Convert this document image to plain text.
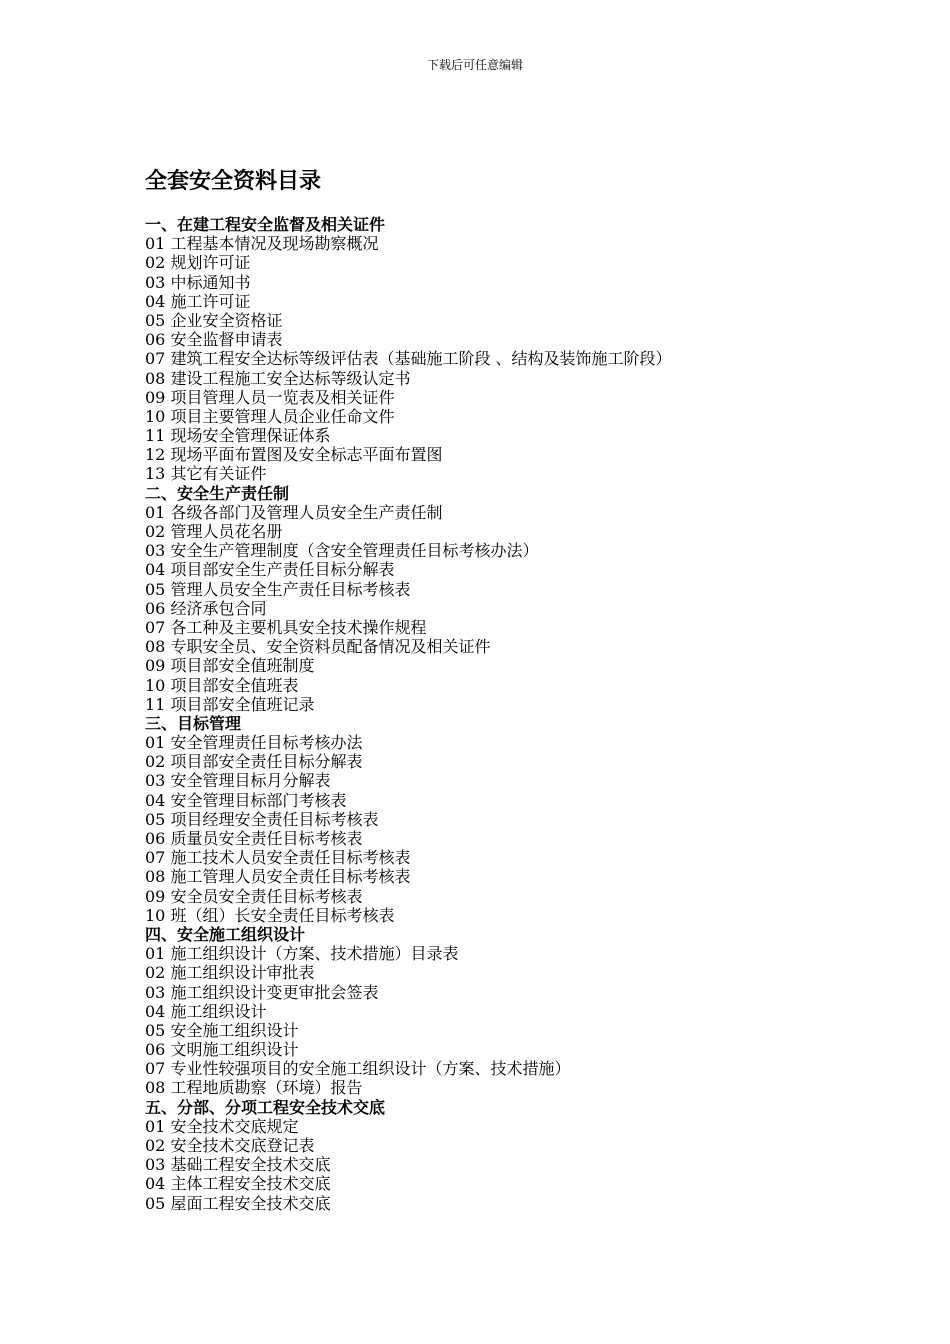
下载后可任意编辑
全套安全资料目录
一、在建工程安全监督及相关证件
01 工程基本情况及现场勘察概况
02 规划许可证
03 中标通知书
04 施工许可证
05 企业安全资格证
06 安全监督申请表
07 建筑工程安全达标等级评估表（基础施工阶段 、结构及装饰施工阶段）
08 建设工程施工安全达标等级认定书
09 项目管理人员一览表及相关证件
10 项目主要管理人员企业任命文件
11 现场安全管理保证体系
12 现场平面布置图及安全标志平面布置图
13 其它有关证件
二、安全生产责任制
01 各级各部门及管理人员安全生产责任制
02 管理人员花名册
03 安全生产管理制度（含安全管理责任目标考核办法）
04 项目部安全生产责任目标分解表
05 管理人员安全生产责任目标考核表
06 经济承包合同
07 各工种及主要机具安全技术操作规程
08 专职安全员、安全资料员配备情况及相关证件
09 项目部安全值班制度
10 项目部安全值班表
11 项目部安全值班记录
三、目标管理
01 安全管理责任目标考核办法
02 项目部安全责任目标分解表
03 安全管理目标月分解表
04 安全管理目标部门考核表
05 项目经理安全责任目标考核表
06 质量员安全责任目标考核表
07 施工技术人员安全责任目标考核表
08 施工管理人员安全责任目标考核表
09 安全员安全责任目标考核表
10 班（组）长安全责任目标考核表
四、安全施工组织设计
01 施工组织设计（方案、技术措施）目录表
02 施工组织设计审批表
03 施工组织设计变更审批会签表
04 施工组织设计
05 安全施工组织设计
06 文明施工组织设计
07 专业性较强项目的安全施工组织设计（方案、技术措施）
08 工程地质勘察（环境）报告
五、分部、分项工程安全技术交底
01 安全技术交底规定
02 安全技术交底登记表
03 基础工程安全技术交底
04 主体工程安全技术交底
05 屋面工程安全技术交底
